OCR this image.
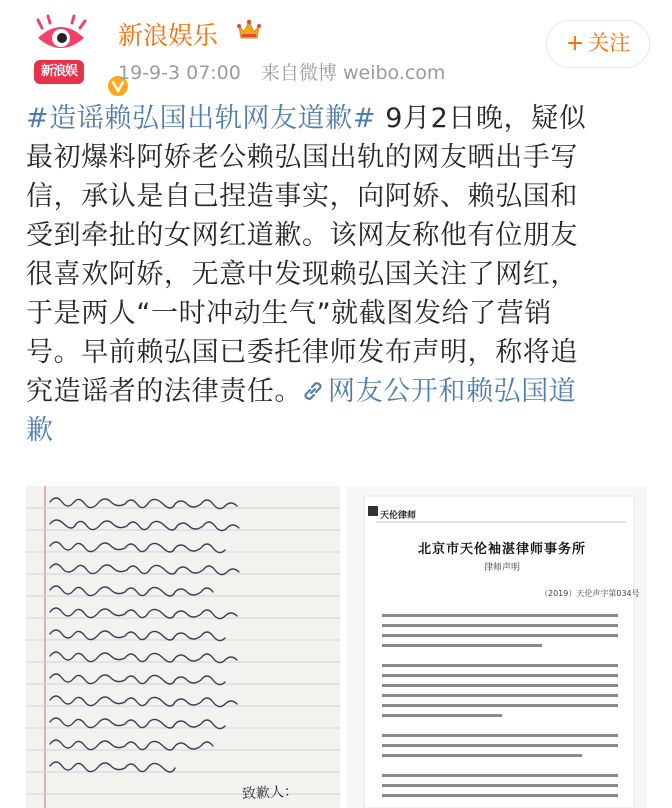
新浪娱
新浪娱乐
19-9-3 07:00 来自微博 weibo.com
+ 关注

#造谣赖弘国出轨网友道歉# 9月2日晚，疑似

最初爆料阿娇老公赖弘国出轨的网友晒出手写

信，承认是自己捏造事实，向阿娇、赖弘国和

受到牵扯的女网红道歉。该网友称他有位朋友

很喜欢阿娇，无意中发现赖弘国关注了网红，

于是两人“一时冲动生气”就截图发给了营销

号。早前赖弘国已委托律师发布声明，称将追

究造谣者的法律责任。 网友公开和赖弘国道

歉

致歉人：
天伦律师
北京市天伦袖湛律师事务所
律师声明
（2019）天伦声字第034号
